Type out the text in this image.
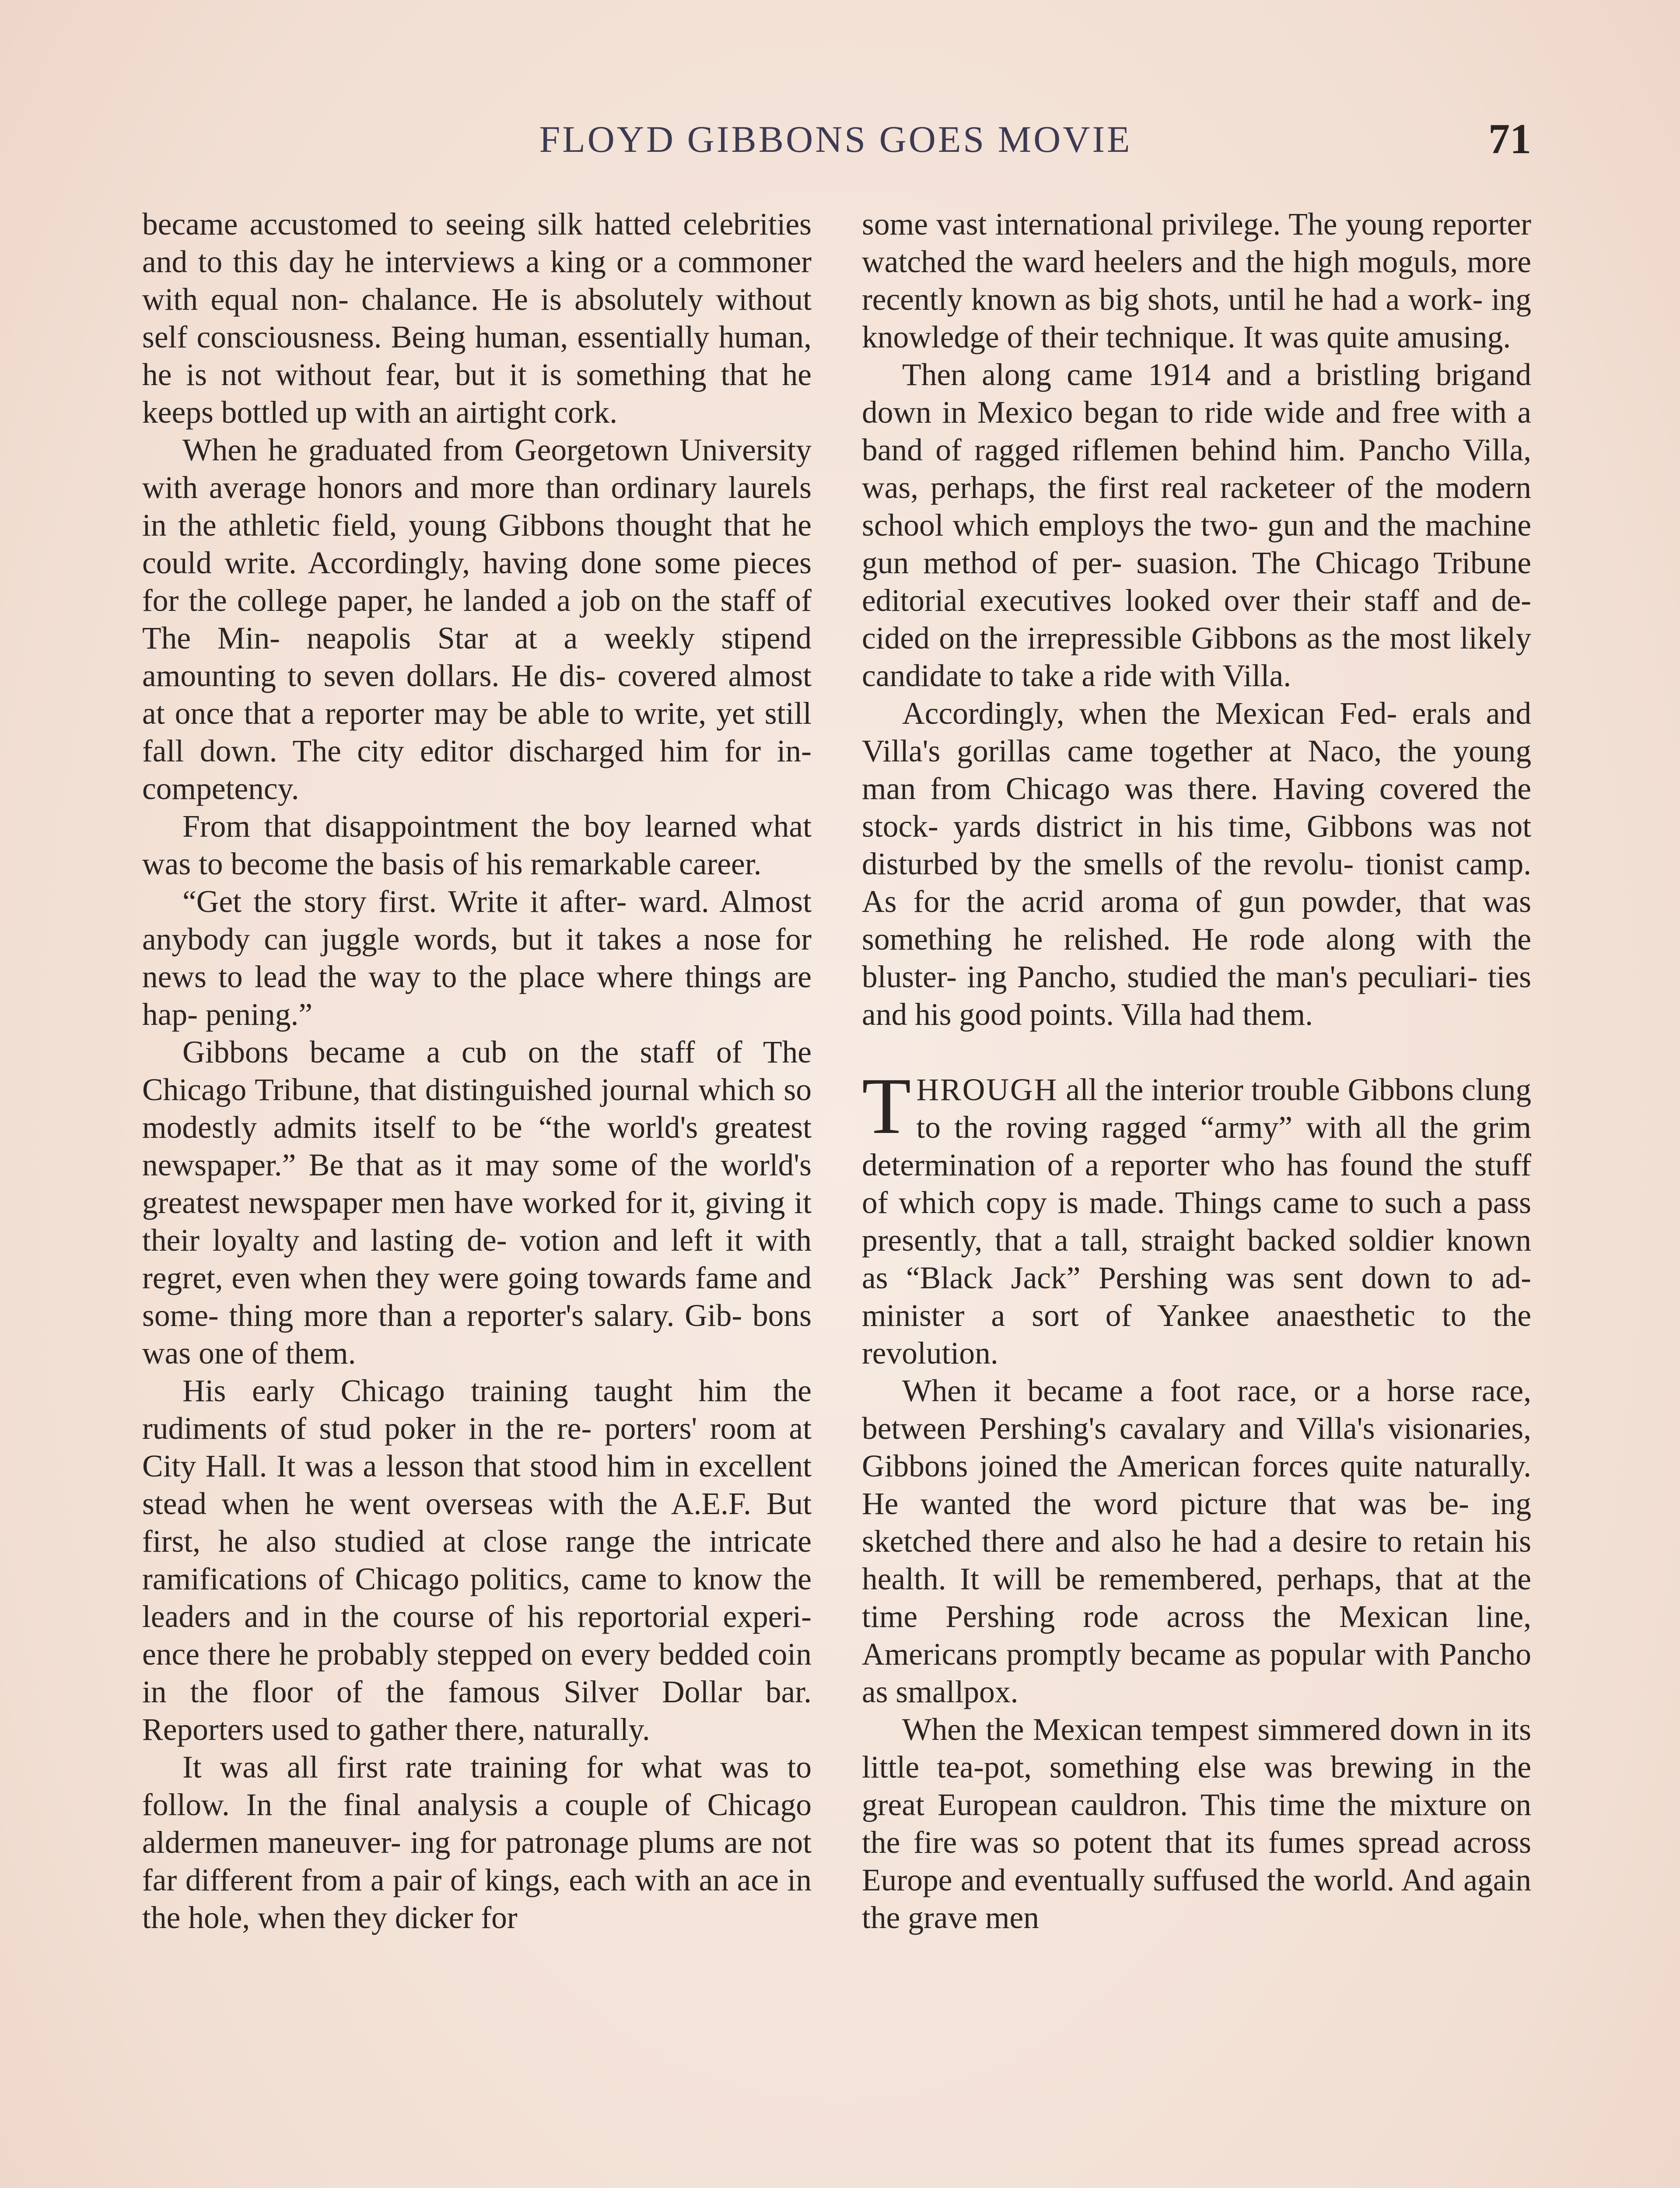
FLOYD GIBBONS GOES MOVIE	71

became accustomed to seeing silk hatted celebrities and to this day he interviews a king or a commoner with equal non- chalance. He is absolutely without self consciousness. Being human, essentially human, he is not without fear, but it is something that he keeps bottled up with an airtight cork.

When he graduated from Georgetown University with average honors and more than ordinary laurels in the athletic field, young Gibbons thought that he could write. Accordingly, having done some pieces for the college paper, he landed a job on the staff of The Min- neapolis Star at a weekly stipend amounting to seven dollars. He dis- covered almost at once that a reporter may be able to write, yet still fall down. The city editor discharged him for in- competency.

From that disappointment the boy learned what was to become the basis of his remarkable career.

“Get the story first. Write it after- ward. Almost anybody can juggle words, but it takes a nose for news to lead the way to the place where things are hap- pening.”

Gibbons became a cub on the staff of The Chicago Tribune, that distinguished journal which so modestly admits itself to be “the world's greatest newspaper.” Be that as it may some of the world's greatest newspaper men have worked for it, giving it their loyalty and lasting de- votion and left it with regret, even when they were going towards fame and some- thing more than a reporter's salary. Gib- bons was one of them.

His early Chicago training taught him the rudiments of stud poker in the re- porters' room at City Hall. It was a lesson that stood him in excellent stead when he went overseas with the A.E.F. But first, he also studied at close range the intricate ramifications of Chicago politics, came to know the leaders and in the course of his reportorial experi- ence there he probably stepped on every bedded coin in the floor of the famous Silver Dollar bar. Reporters used to gather there, naturally.

It was all first rate training for what was to follow. In the final analysis a couple of Chicago aldermen maneuver- ing for patronage plums are not far different from a pair of kings, each with an ace in the hole, when they dicker for

some vast international privilege. The young reporter watched the ward heelers and the high moguls, more recently known as big shots, until he had a work- ing knowledge of their technique. It was quite amusing.

Then along came 1914 and a bristling brigand down in Mexico began to ride wide and free with a band of ragged riflemen behind him. Pancho Villa, was, perhaps, the first real racketeer of the modern school which employs the two- gun and the machine gun method of per- suasion. The Chicago Tribune editorial executives looked over their staff and de- cided on the irrepressible Gibbons as the most likely candidate to take a ride with Villa.

Accordingly, when the Mexican Fed- erals and Villa's gorillas came together at Naco, the young man from Chicago was there. Having covered the stock- yards district in his time, Gibbons was not disturbed by the smells of the revolu- tionist camp. As for the acrid aroma of gun powder, that was something he relished. He rode along with the bluster- ing Pancho, studied the man's peculiari- ties and his good points. Villa had them.

THROUGH all the interior trouble Gibbons clung to the roving ragged “army” with all the grim determination of a reporter who has found the stuff of which copy is made. Things came to such a pass presently, that a tall, straight backed soldier known as “Black Jack” Pershing was sent down to ad- minister a sort of Yankee anaesthetic to the revolution.

When it became a foot race, or a horse race, between Pershing's cavalary and Villa's visionaries, Gibbons joined the American forces quite naturally. He wanted the word picture that was be- ing sketched there and also he had a desire to retain his health. It will be remembered, perhaps, that at the time Pershing rode across the Mexican line, Americans promptly became as popular with Pancho as smallpox.

When the Mexican tempest simmered down in its little tea-pot, something else was brewing in the great European cauldron. This time the mixture on the fire was so potent that its fumes spread across Europe and eventually suffused the world. And again the grave men
